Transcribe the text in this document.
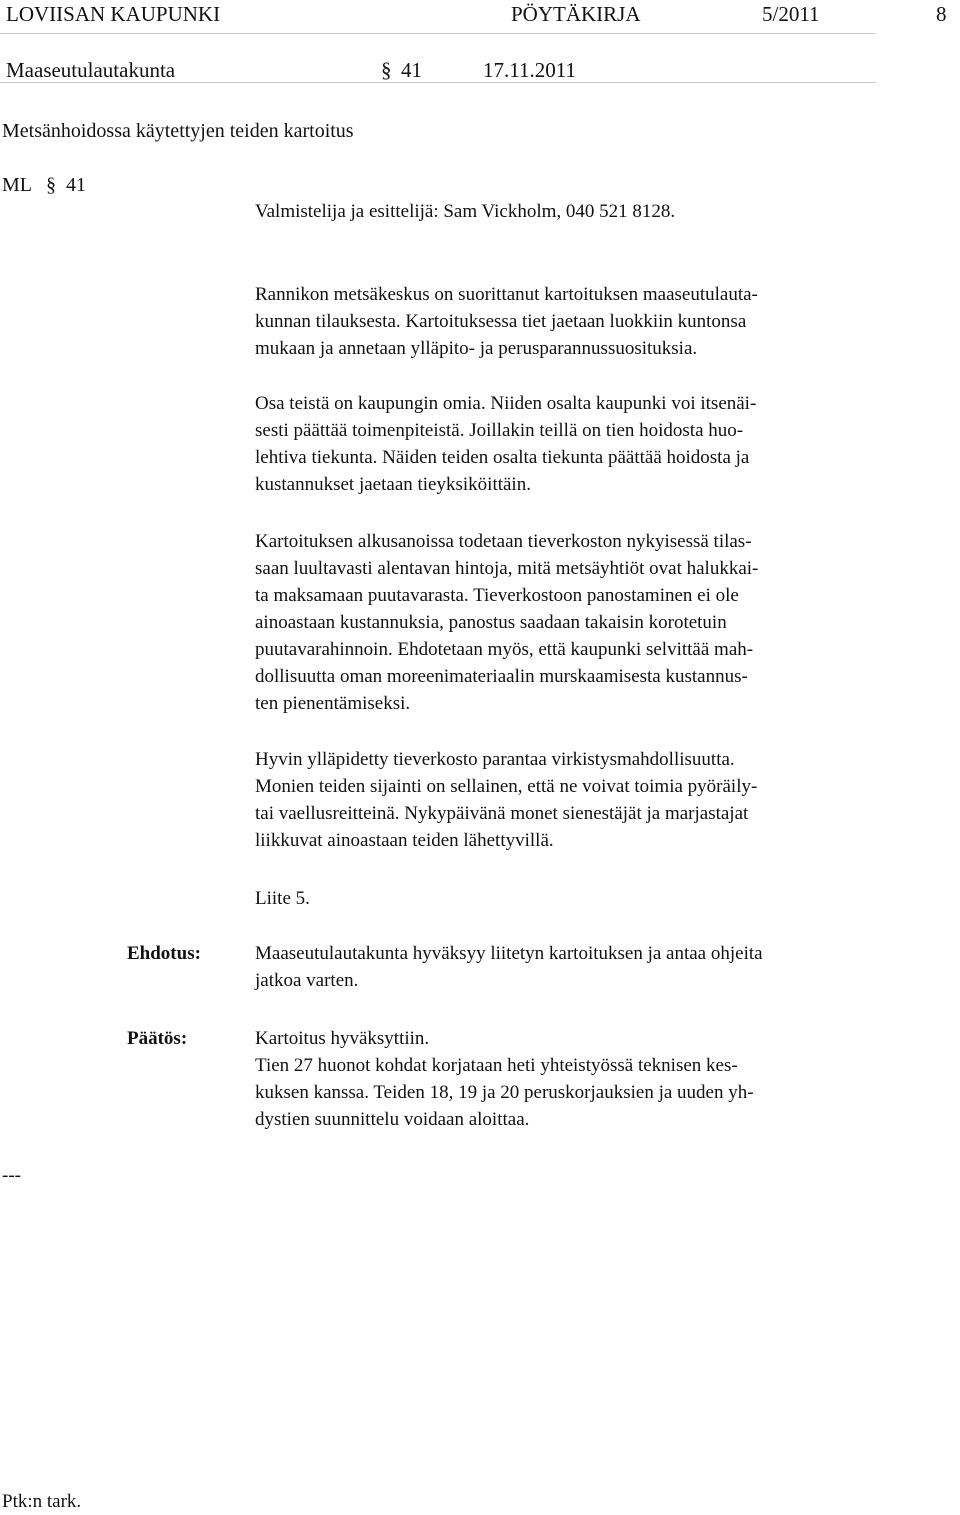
LOVIISAN KAUPUNKI	PÖYTÄKIRJA	5/2011	8
Maaseutulautakunta	§ 41	17.11.2011
Metsänhoidossa käytettyjen teiden kartoitus
ML § 41
Valmistelija ja esittelijä: Sam Vickholm, 040 521 8128.
Rannikon metsäkeskus on suorittanut kartoituksen maaseutulauta-
kunnan tilauksesta. Kartoituksessa tiet jaetaan luokkiin kuntonsa
mukaan ja annetaan ylläpito- ja perusparannussuosituksia.
Osa teistä on kaupungin omia. Niiden osalta kaupunki voi itsenäi-
sesti päättää toimenpiteistä. Joillakin teillä on tien hoidosta huo-
lehtiva tiekunta. Näiden teiden osalta tiekunta päättää hoidosta ja
kustannukset jaetaan tieyksiköittäin.
Kartoituksen alkusanoissa todetaan tieverkoston nykyisessä tilas-
saan luultavasti alentavan hintoja, mitä metsäyhtiöt ovat halukkai-
ta maksamaan puutavarasta. Tieverkostoon panostaminen ei ole
ainoastaan kustannuksia, panostus saadaan takaisin korotetuin
puutavarahinnoin. Ehdotetaan myös, että kaupunki selvittää mah-
dollisuutta oman moreenimateriaalin murskaamisesta kustannus-
ten pienentämiseksi.
Hyvin ylläpidetty tieverkosto parantaa virkistysmahdollisuutta.
Monien teiden sijainti on sellainen, että ne voivat toimia pyöräily-
tai vaellusreitteinä. Nykypäivänä monet sienestäjät ja marjastajat
liikkuvat ainoastaan teiden lähettyvillä.
Liite 5.
Ehdotus:	Maaseutulautakunta hyväksyy liitetyn kartoituksen ja antaa ohjeita
jatkoa varten.
Päätös:	Kartoitus hyväksyttiin.
Tien 27 huonot kohdat korjataan heti yhteistyössä teknisen kes-
kuksen kanssa. Teiden 18, 19 ja 20 peruskorjauksien ja uuden yh-
dystien suunnittelu voidaan aloittaa.
---
Ptk:n tark.
